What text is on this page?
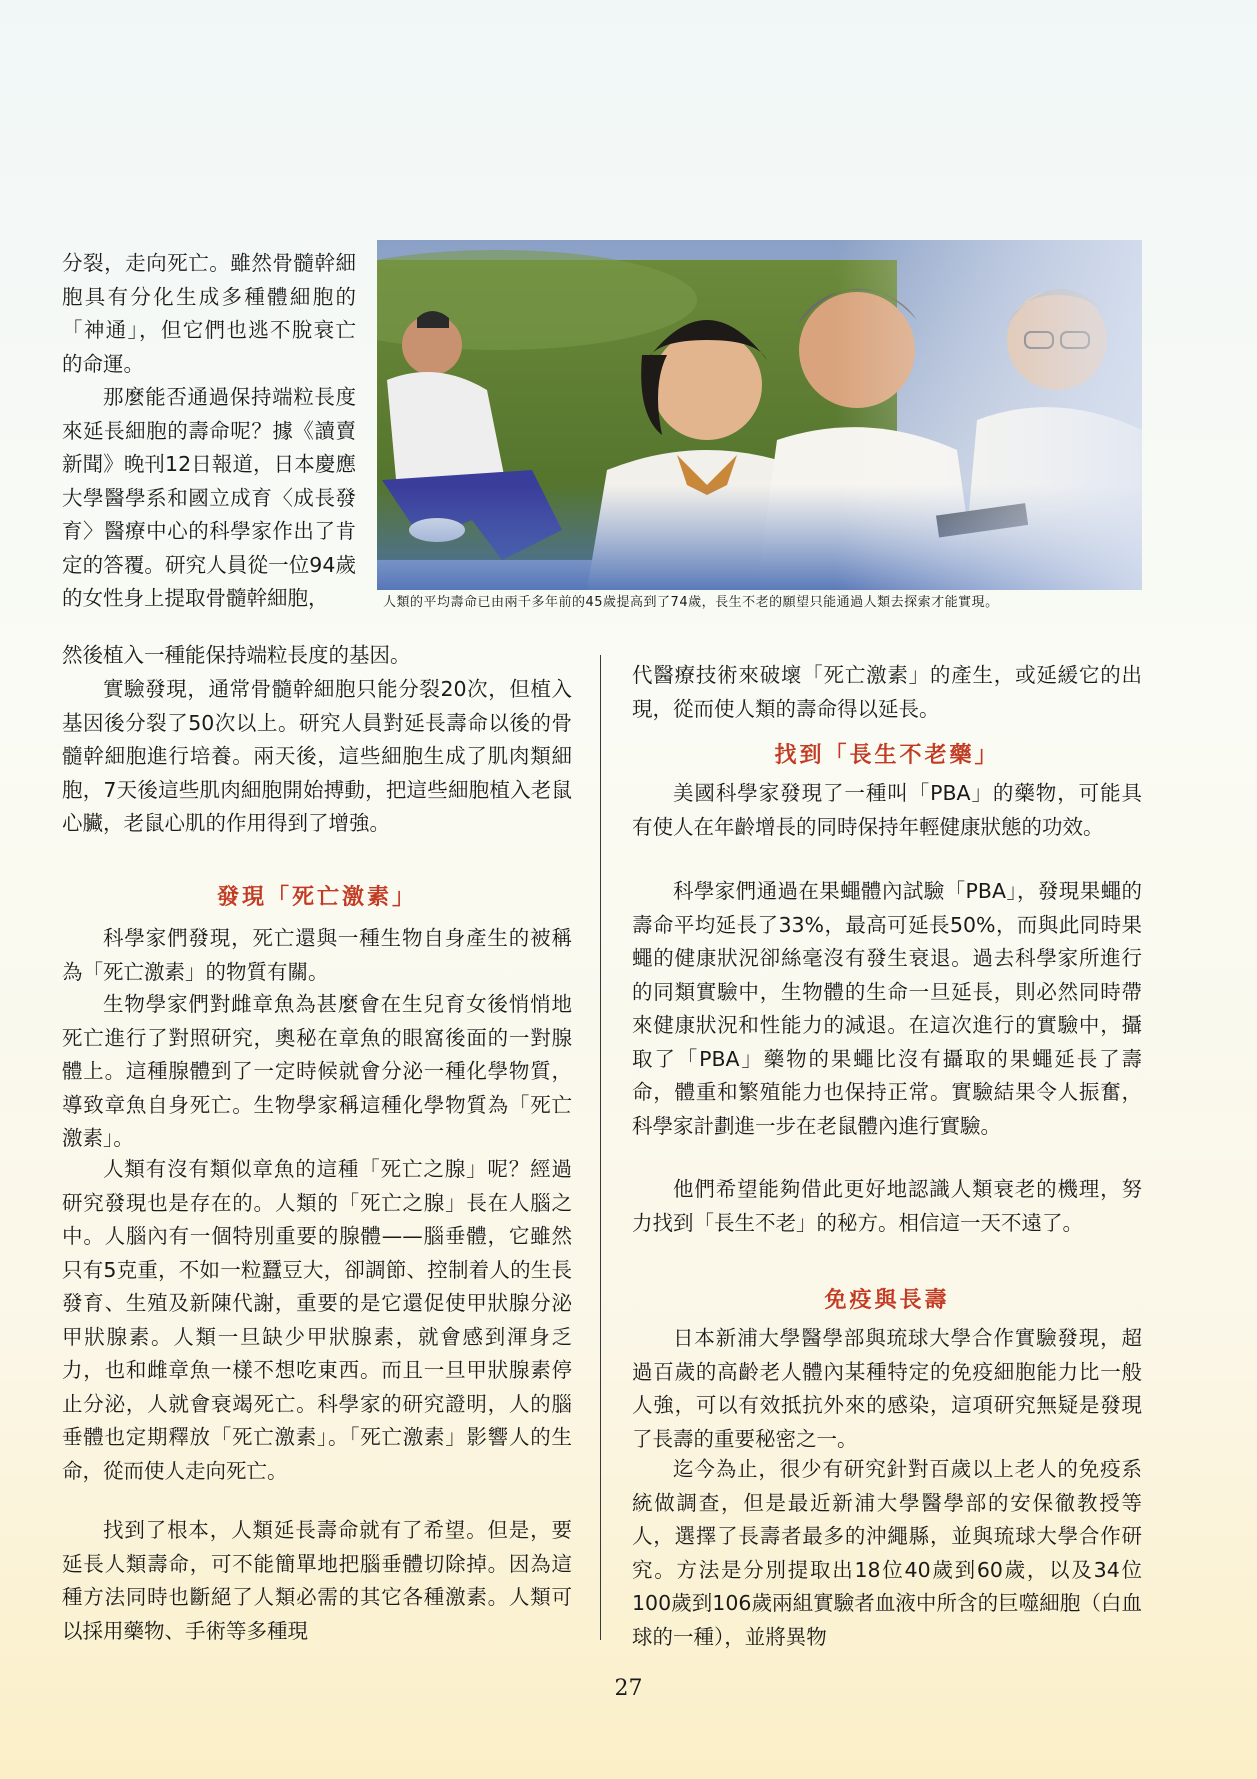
人類的平均壽命已由兩千多年前的45歲提高到了74歲，長生不老的願望只能通過人類去探索才能實現。

分裂，走向死亡。雖然骨髓幹細胞具有分化生成多種體細胞的「神通」，但它們也逃不脫衰亡的命運。

那麼能否通過保持端粒長度來延長細胞的壽命呢？據《讀賣新聞》晚刊12日報道，日本慶應大學醫學系和國立成育〈成長發育〉醫療中心的科學家作出了肯定的答覆。研究人員從一位94歲的女性身上提取骨髓幹細胞，

然後植入一種能保持端粒長度的基因。

實驗發現，通常骨髓幹細胞只能分裂20次，但植入基因後分裂了50次以上。研究人員對延長壽命以後的骨髓幹細胞進行培養。兩天後，這些細胞生成了肌肉類細胞，7天後這些肌肉細胞開始搏動，把這些細胞植入老鼠心臟，老鼠心肌的作用得到了增強。

發現「死亡激素」

科學家們發現，死亡還與一種生物自身產生的被稱為「死亡激素」的物質有關。

生物學家們對雌章魚為甚麼會在生兒育女後悄悄地死亡進行了對照研究，奧秘在章魚的眼窩後面的一對腺體上。這種腺體到了一定時候就會分泌一種化學物質，導致章魚自身死亡。生物學家稱這種化學物質為「死亡激素」。

人類有沒有類似章魚的這種「死亡之腺」呢？經過研究發現也是存在的。人類的「死亡之腺」長在人腦之中。人腦內有一個特別重要的腺體——腦垂體，它雖然只有5克重，不如一粒蠶豆大，卻調節、控制着人的生長發育、生殖及新陳代謝，重要的是它還促使甲狀腺分泌甲狀腺素。人類一旦缺少甲狀腺素，就會感到渾身乏力，也和雌章魚一樣不想吃東西。而且一旦甲狀腺素停止分泌，人就會衰竭死亡。科學家的研究證明，人的腦垂體也定期釋放「死亡激素」。「死亡激素」影響人的生命，從而使人走向死亡。

找到了根本，人類延長壽命就有了希望。但是，要延長人類壽命，可不能簡單地把腦垂體切除掉。因為這種方法同時也斷絕了人類必需的其它各種激素。人類可以採用藥物、手術等多種現

代醫療技術來破壞「死亡激素」的產生，或延緩它的出現，從而使人類的壽命得以延長。

找到「長生不老藥」

美國科學家發現了一種叫「PBA」的藥物，可能具有使人在年齡增長的同時保持年輕健康狀態的功效。

科學家們通過在果蠅體內試驗「PBA」，發現果蠅的壽命平均延長了33%，最高可延長50%，而與此同時果蠅的健康狀況卻絲毫沒有發生衰退。過去科學家所進行的同類實驗中，生物體的生命一旦延長，則必然同時帶來健康狀況和性能力的減退。在這次進行的實驗中，攝取了「PBA」藥物的果蠅比沒有攝取的果蠅延長了壽命，體重和繁殖能力也保持正常。實驗結果令人振奮，科學家計劃進一步在老鼠體內進行實驗。

他們希望能夠借此更好地認識人類衰老的機理，努力找到「長生不老」的秘方。相信這一天不遠了。

免疫與長壽

日本新浦大學醫學部與琉球大學合作實驗發現，超過百歲的高齡老人體內某種特定的免疫細胞能力比一般人強，可以有效抵抗外來的感染，這項研究無疑是發現了長壽的重要秘密之一。

迄今為止，很少有研究針對百歲以上老人的免疫系統做調查，但是最近新浦大學醫學部的安保徹教授等人，選擇了長壽者最多的沖繩縣，並與琉球大學合作研究。方法是分別提取出18位40歲到60歲，以及34位100歲到106歲兩組實驗者血液中所含的巨噬細胞（白血球的一種），並將異物

27
